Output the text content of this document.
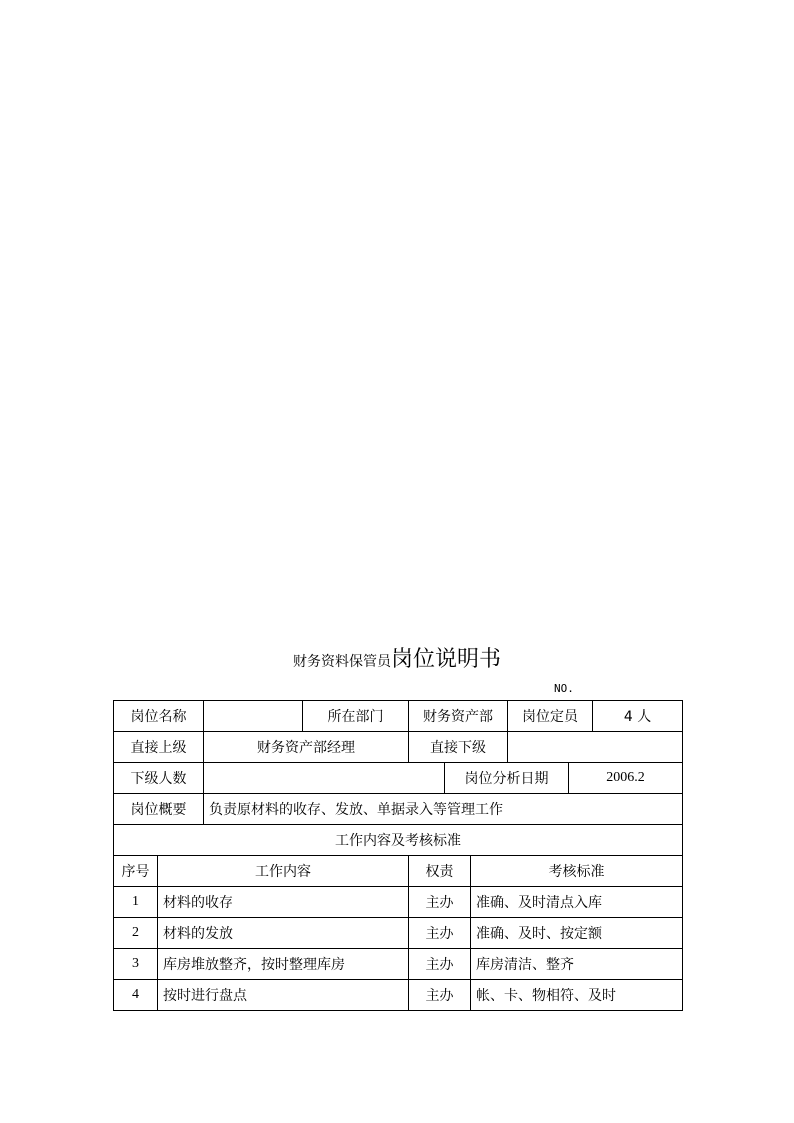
财务资料保管员岗位说明书
NO.
岗位名称			所在部门	财务资产部			岗位定员		4 人
直接上级		财务资产部经理		直接下级					
下级人数					岗位分析日期			2006.2	
岗位概要		负责原材料的收存、发放、单据录入等管理工作							
工作内容及考核标准									
序号	工作内容			权责		考核标准			
1	材料的收存			主办		准确、及时清点入库			
2	材料的发放			主办		准确、及时、按定额			
3	库房堆放整齐，按时整理库房			主办		库房清洁、整齐			
4	按时进行盘点			主办		帐、卡、物相符、及时			
